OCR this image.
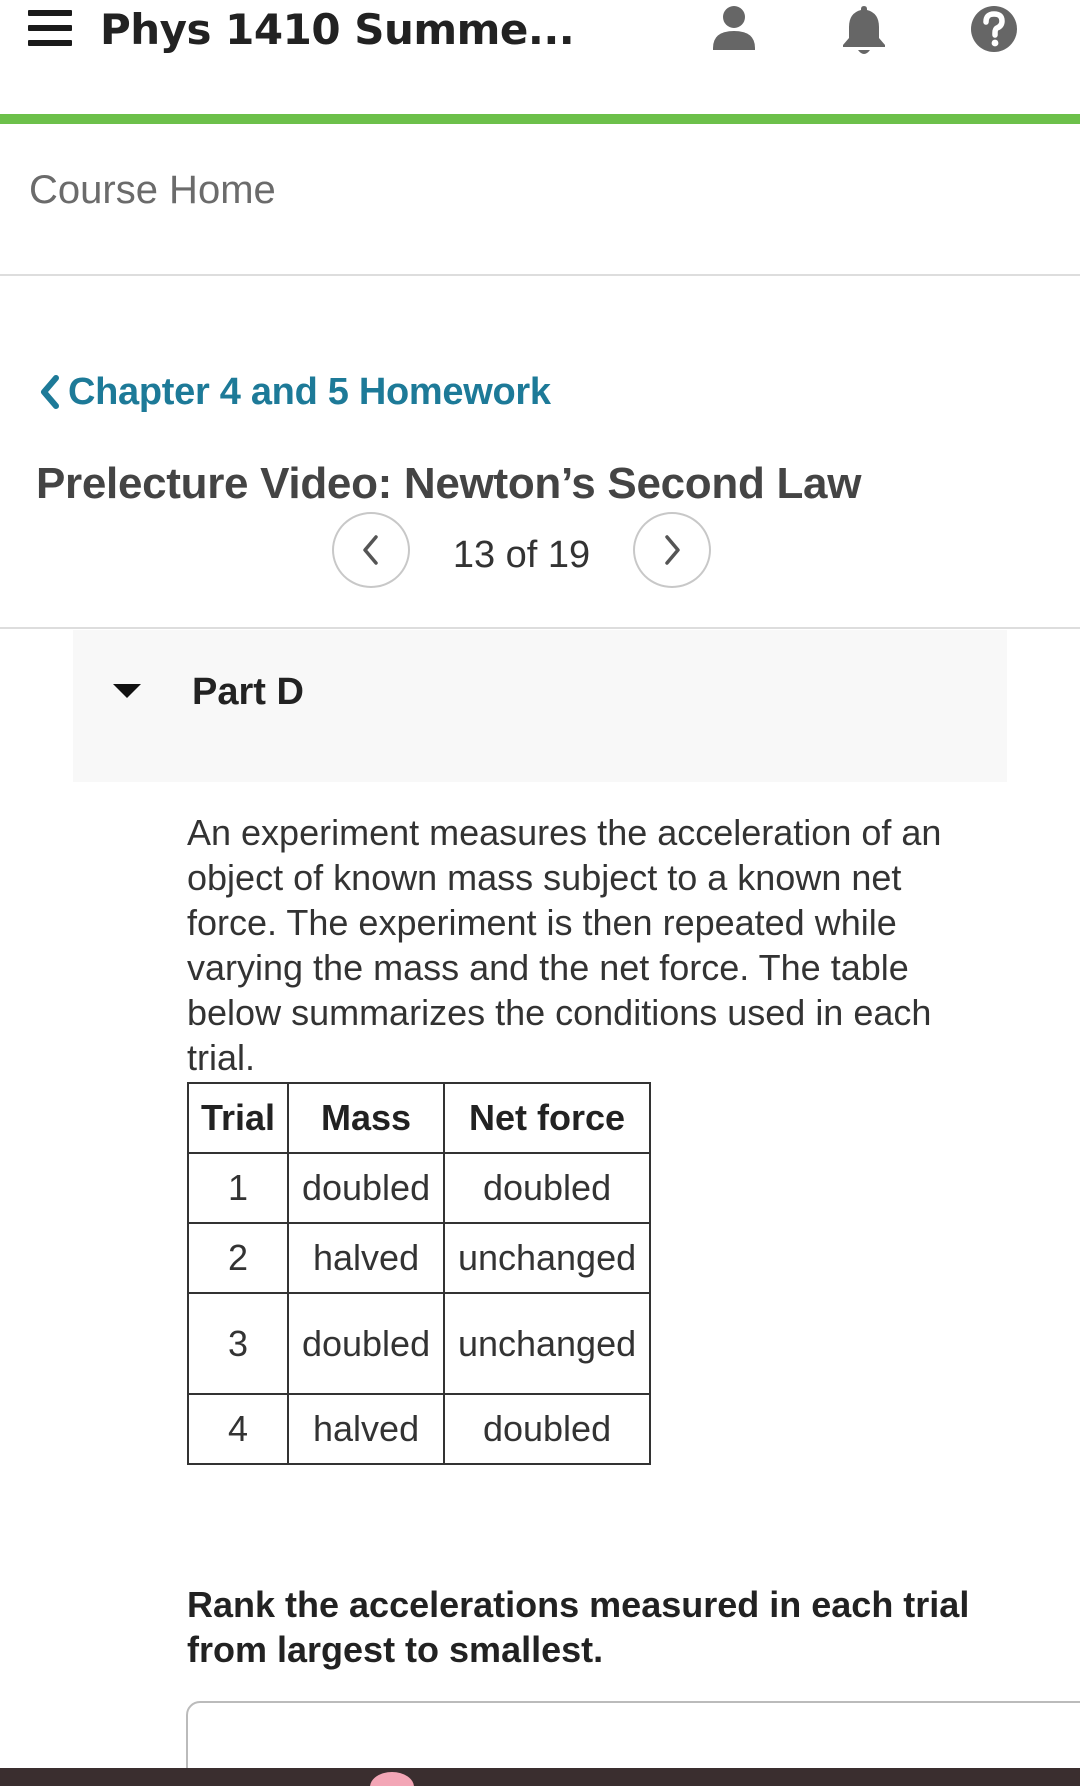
Phys 1410 Summe...
Course Home
Chapter 4 and 5 Homework
Prelecture Video: Newton’s Second Law
13 of 19
Part D
An experiment measures the acceleration of an object of known mass subject to a known net force. The experiment is then repeated while varying the mass and the net force. The table below summarizes the conditions used in each trial.
Trial	Mass	Net force
1	doubled	doubled
2	halved	unchanged
3	doubled	unchanged
4	halved	doubled
Rank the accelerations measured in each trial from largest to smallest.
